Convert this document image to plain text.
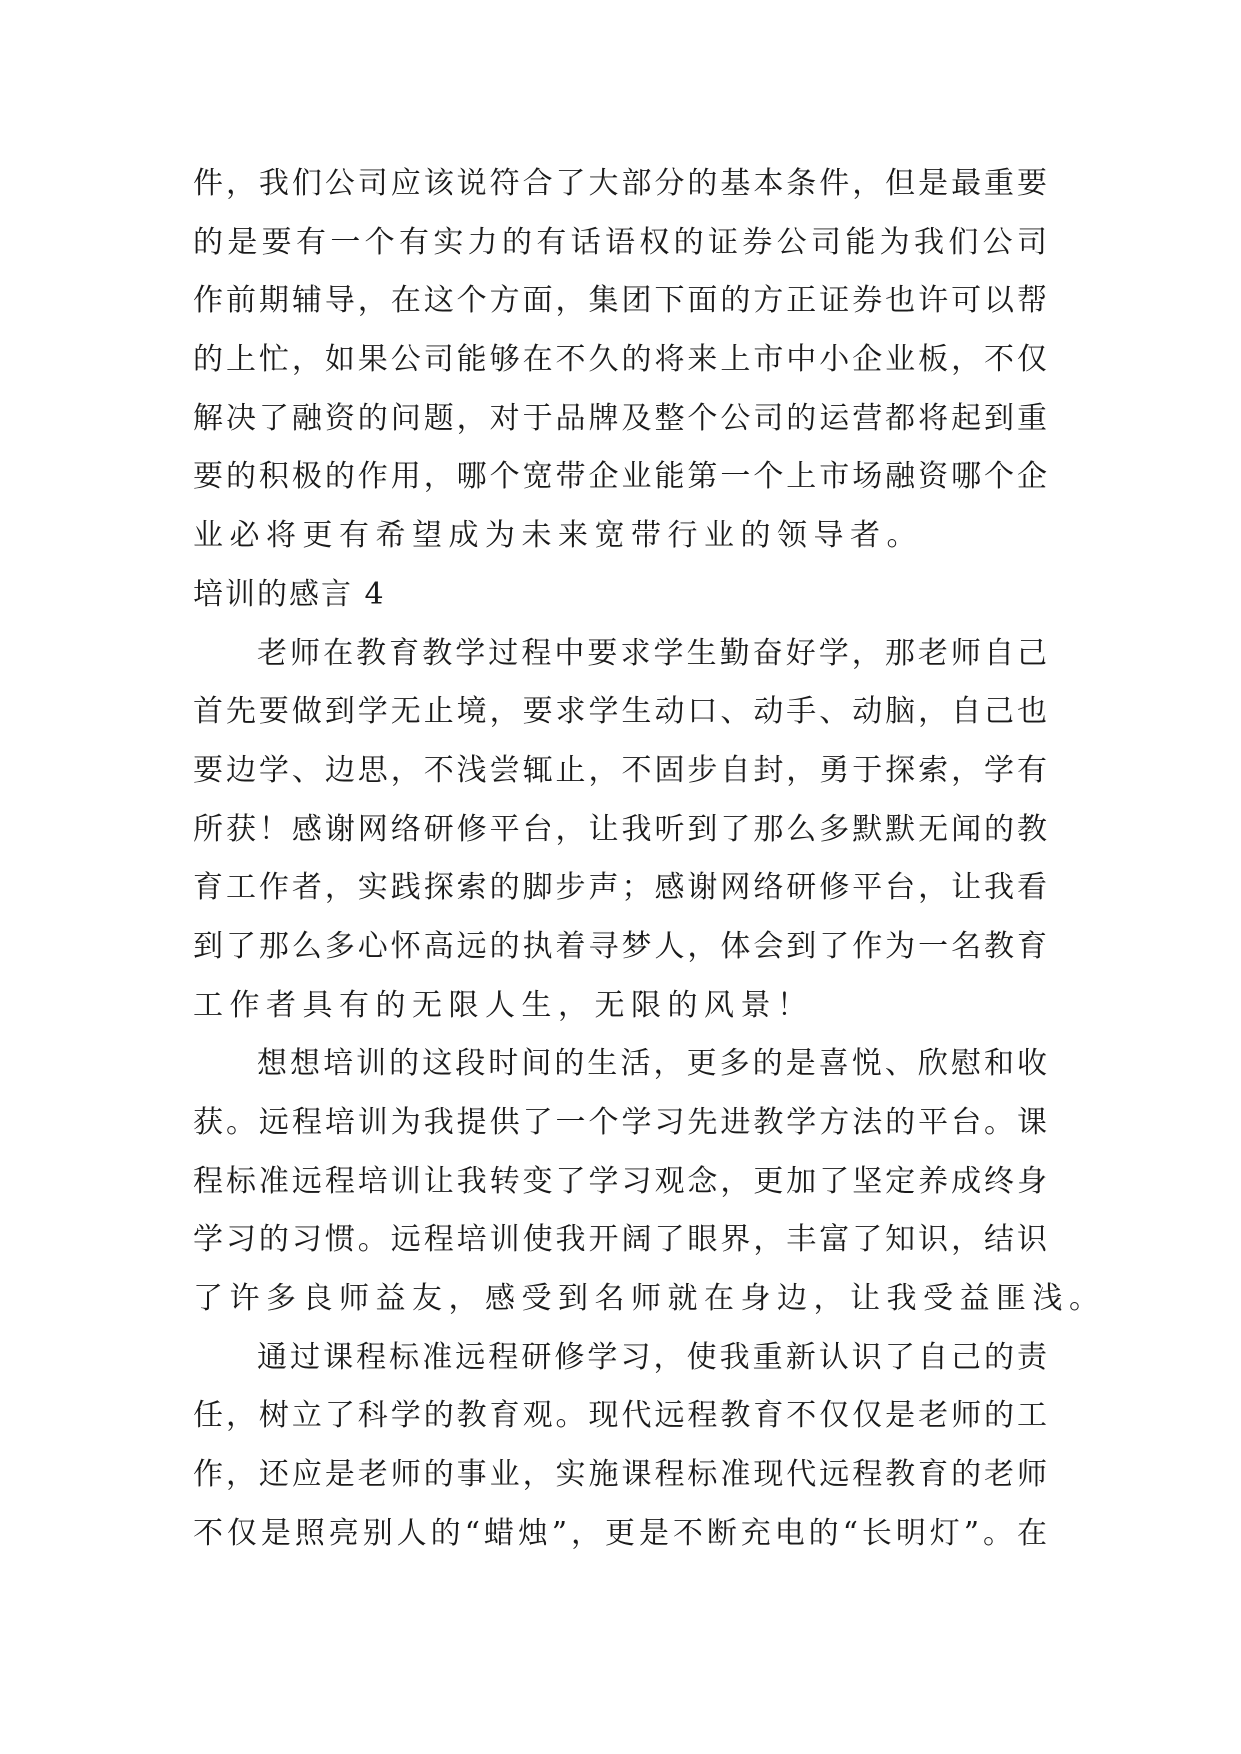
件，我们公司应该说符合了大部分的基本条件，但是最重要
的是要有一个有实力的有话语权的证券公司能为我们公司
作前期辅导，在这个方面，集团下面的方正证券也许可以帮
的上忙，如果公司能够在不久的将来上市中小企业板，不仅
解决了融资的问题，对于品牌及整个公司的运营都将起到重
要的积极的作用，哪个宽带企业能第一个上市场融资哪个企
业必将更有希望成为未来宽带行业的领导者。
培训的感言 4
老师在教育教学过程中要求学生勤奋好学，那老师自己
首先要做到学无止境，要求学生动口、动手、动脑，自己也
要边学、边思，不浅尝辄止，不固步自封，勇于探索，学有
所获！感谢网络研修平台，让我听到了那么多默默无闻的教
育工作者，实践探索的脚步声；感谢网络研修平台，让我看
到了那么多心怀高远的执着寻梦人，体会到了作为一名教育
工作者具有的无限人生，无限的风景！
想想培训的这段时间的生活，更多的是喜悦、欣慰和收
获。远程培训为我提供了一个学习先进教学方法的平台。课
程标准远程培训让我转变了学习观念，更加了坚定养成终身
学习的习惯。远程培训使我开阔了眼界，丰富了知识，结识
了许多良师益友，感受到名师就在身边，让我受益匪浅。
通过课程标准远程研修学习，使我重新认识了自己的责
任，树立了科学的教育观。现代远程教育不仅仅是老师的工
作，还应是老师的事业，实施课程标准现代远程教育的老师
不仅是照亮别人的“蜡烛”，更是不断充电的“长明灯”。在
